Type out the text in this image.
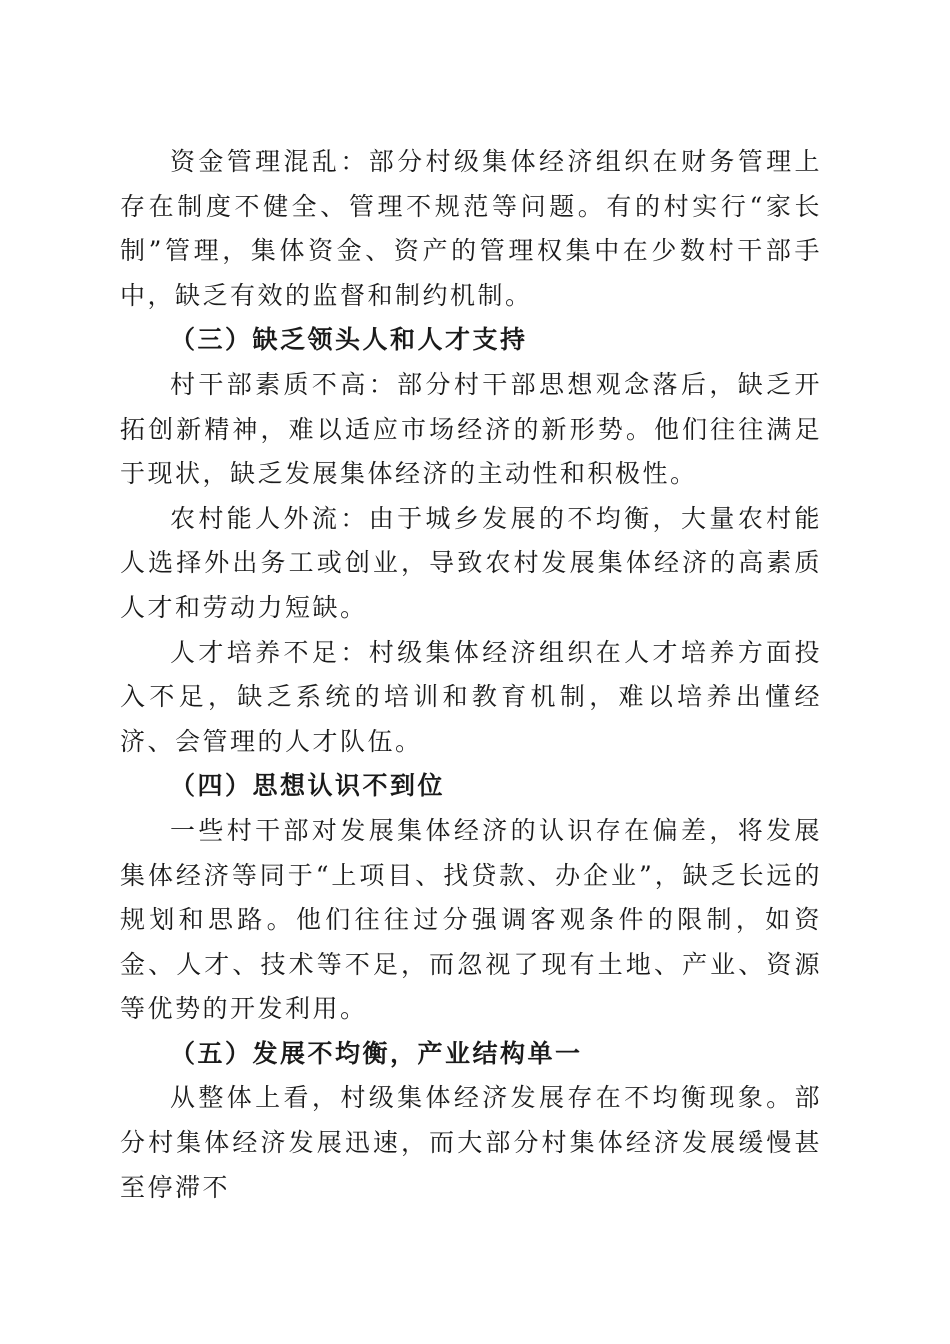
资金管理混乱：部分村级集体经济组织在财务管理上存在制度不健全、管理不规范等问题。有的村实行“家长制”管理，集体资金、资产的管理权集中在少数村干部手中，缺乏有效的监督和制约机制。

（三）缺乏领头人和人才支持

村干部素质不高：部分村干部思想观念落后，缺乏开拓创新精神，难以适应市场经济的新形势。他们往往满足于现状，缺乏发展集体经济的主动性和积极性。

农村能人外流：由于城乡发展的不均衡，大量农村能人选择外出务工或创业，导致农村发展集体经济的高素质人才和劳动力短缺。

人才培养不足：村级集体经济组织在人才培养方面投入不足，缺乏系统的培训和教育机制，难以培养出懂经济、会管理的人才队伍。

（四）思想认识不到位

一些村干部对发展集体经济的认识存在偏差，将发展集体经济等同于“上项目、找贷款、办企业”，缺乏长远的规划和思路。他们往往过分强调客观条件的限制，如资金、人才、技术等不足，而忽视了现有土地、产业、资源等优势的开发利用。

（五）发展不均衡，产业结构单一

从整体上看，村级集体经济发展存在不均衡现象。部分村集体经济发展迅速，而大部分村集体经济发展缓慢甚至停滞不
